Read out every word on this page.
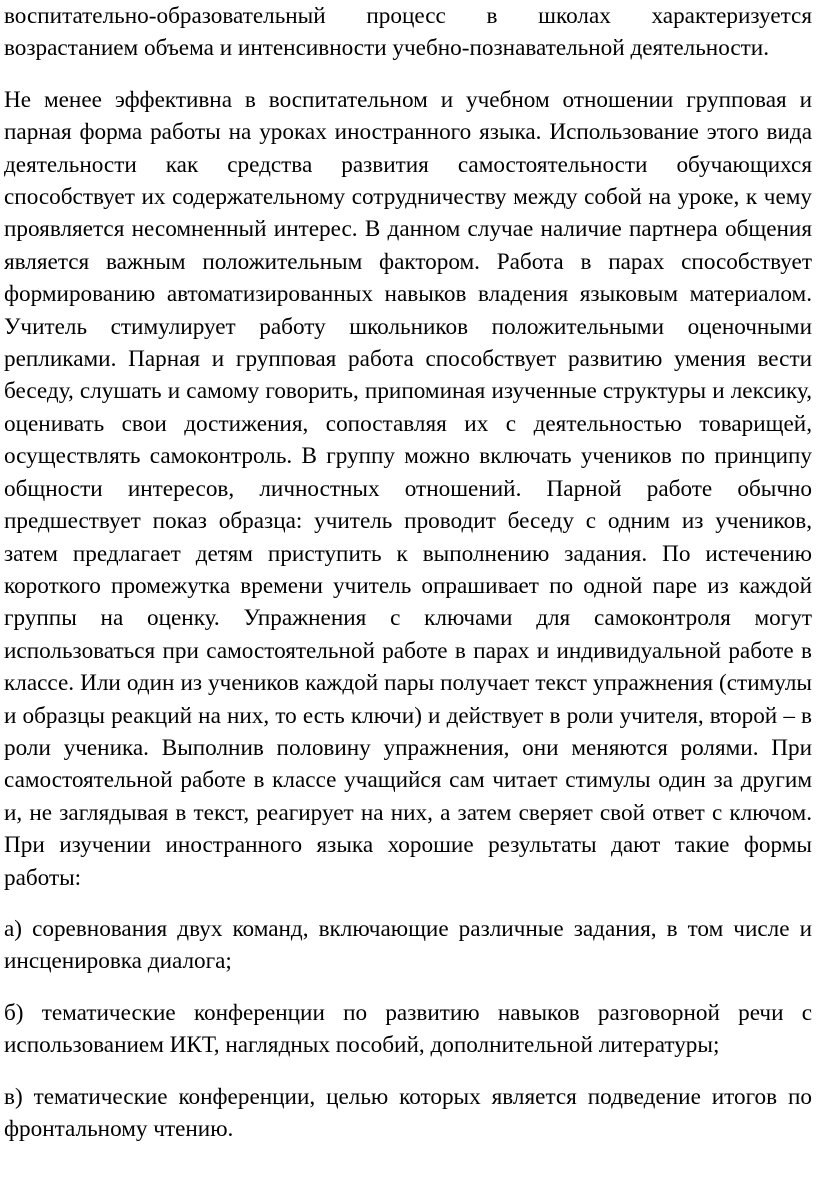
воспитательно-образовательный процесс в школах характеризуется возрастанием объема и интенсивности учебно-познавательной деятельности.

Не менее эффективна в воспитательном и учебном отношении групповая и парная форма работы на уроках иностранного языка. Использование этого вида деятельности как средства развития самостоятельности обучающихся способствует их содержательному сотрудничеству между собой на уроке, к чему проявляется несомненный интерес. В данном случае наличие партнера общения является важным положительным фактором. Работа в парах способствует формированию автоматизированных навыков владения языковым материалом. Учитель стимулирует работу школьников положительными оценочными репликами. Парная и групповая работа способствует развитию умения вести беседу, слушать и самому говорить, припоминая изученные структуры и лексику, оценивать свои достижения, сопоставляя их с деятельностью товарищей, осуществлять самоконтроль. В группу можно включать учеников по принципу общности интересов, личностных отношений. Парной работе обычно предшествует показ образца: учитель проводит беседу с одним из учеников, затем предлагает детям приступить к выполнению задания. По истечению короткого промежутка времени учитель опрашивает по одной паре из каждой группы на оценку. Упражнения с ключами для самоконтроля могут использоваться при самостоятельной работе в парах и индивидуальной работе в классе. Или один из учеников каждой пары получает текст упражнения (стимулы и образцы реакций на них, то есть ключи) и действует в роли учителя, второй – в роли ученика. Выполнив половину упражнения, они меняются ролями. При самостоятельной работе в классе учащийся сам читает стимулы один за другим и, не заглядывая в текст, реагирует на них, а затем сверяет свой ответ с ключом. При изучении иностранного языка хорошие результаты дают такие формы работы:

а) соревнования двух команд, включающие различные задания, в том числе и инсценировка диалога;

б) тематические конференции по развитию навыков разговорной речи с использованием ИКТ, наглядных пособий, дополнительной литературы;

в) тематические конференции, целью которых является подведение итогов по фронтальному чтению.
